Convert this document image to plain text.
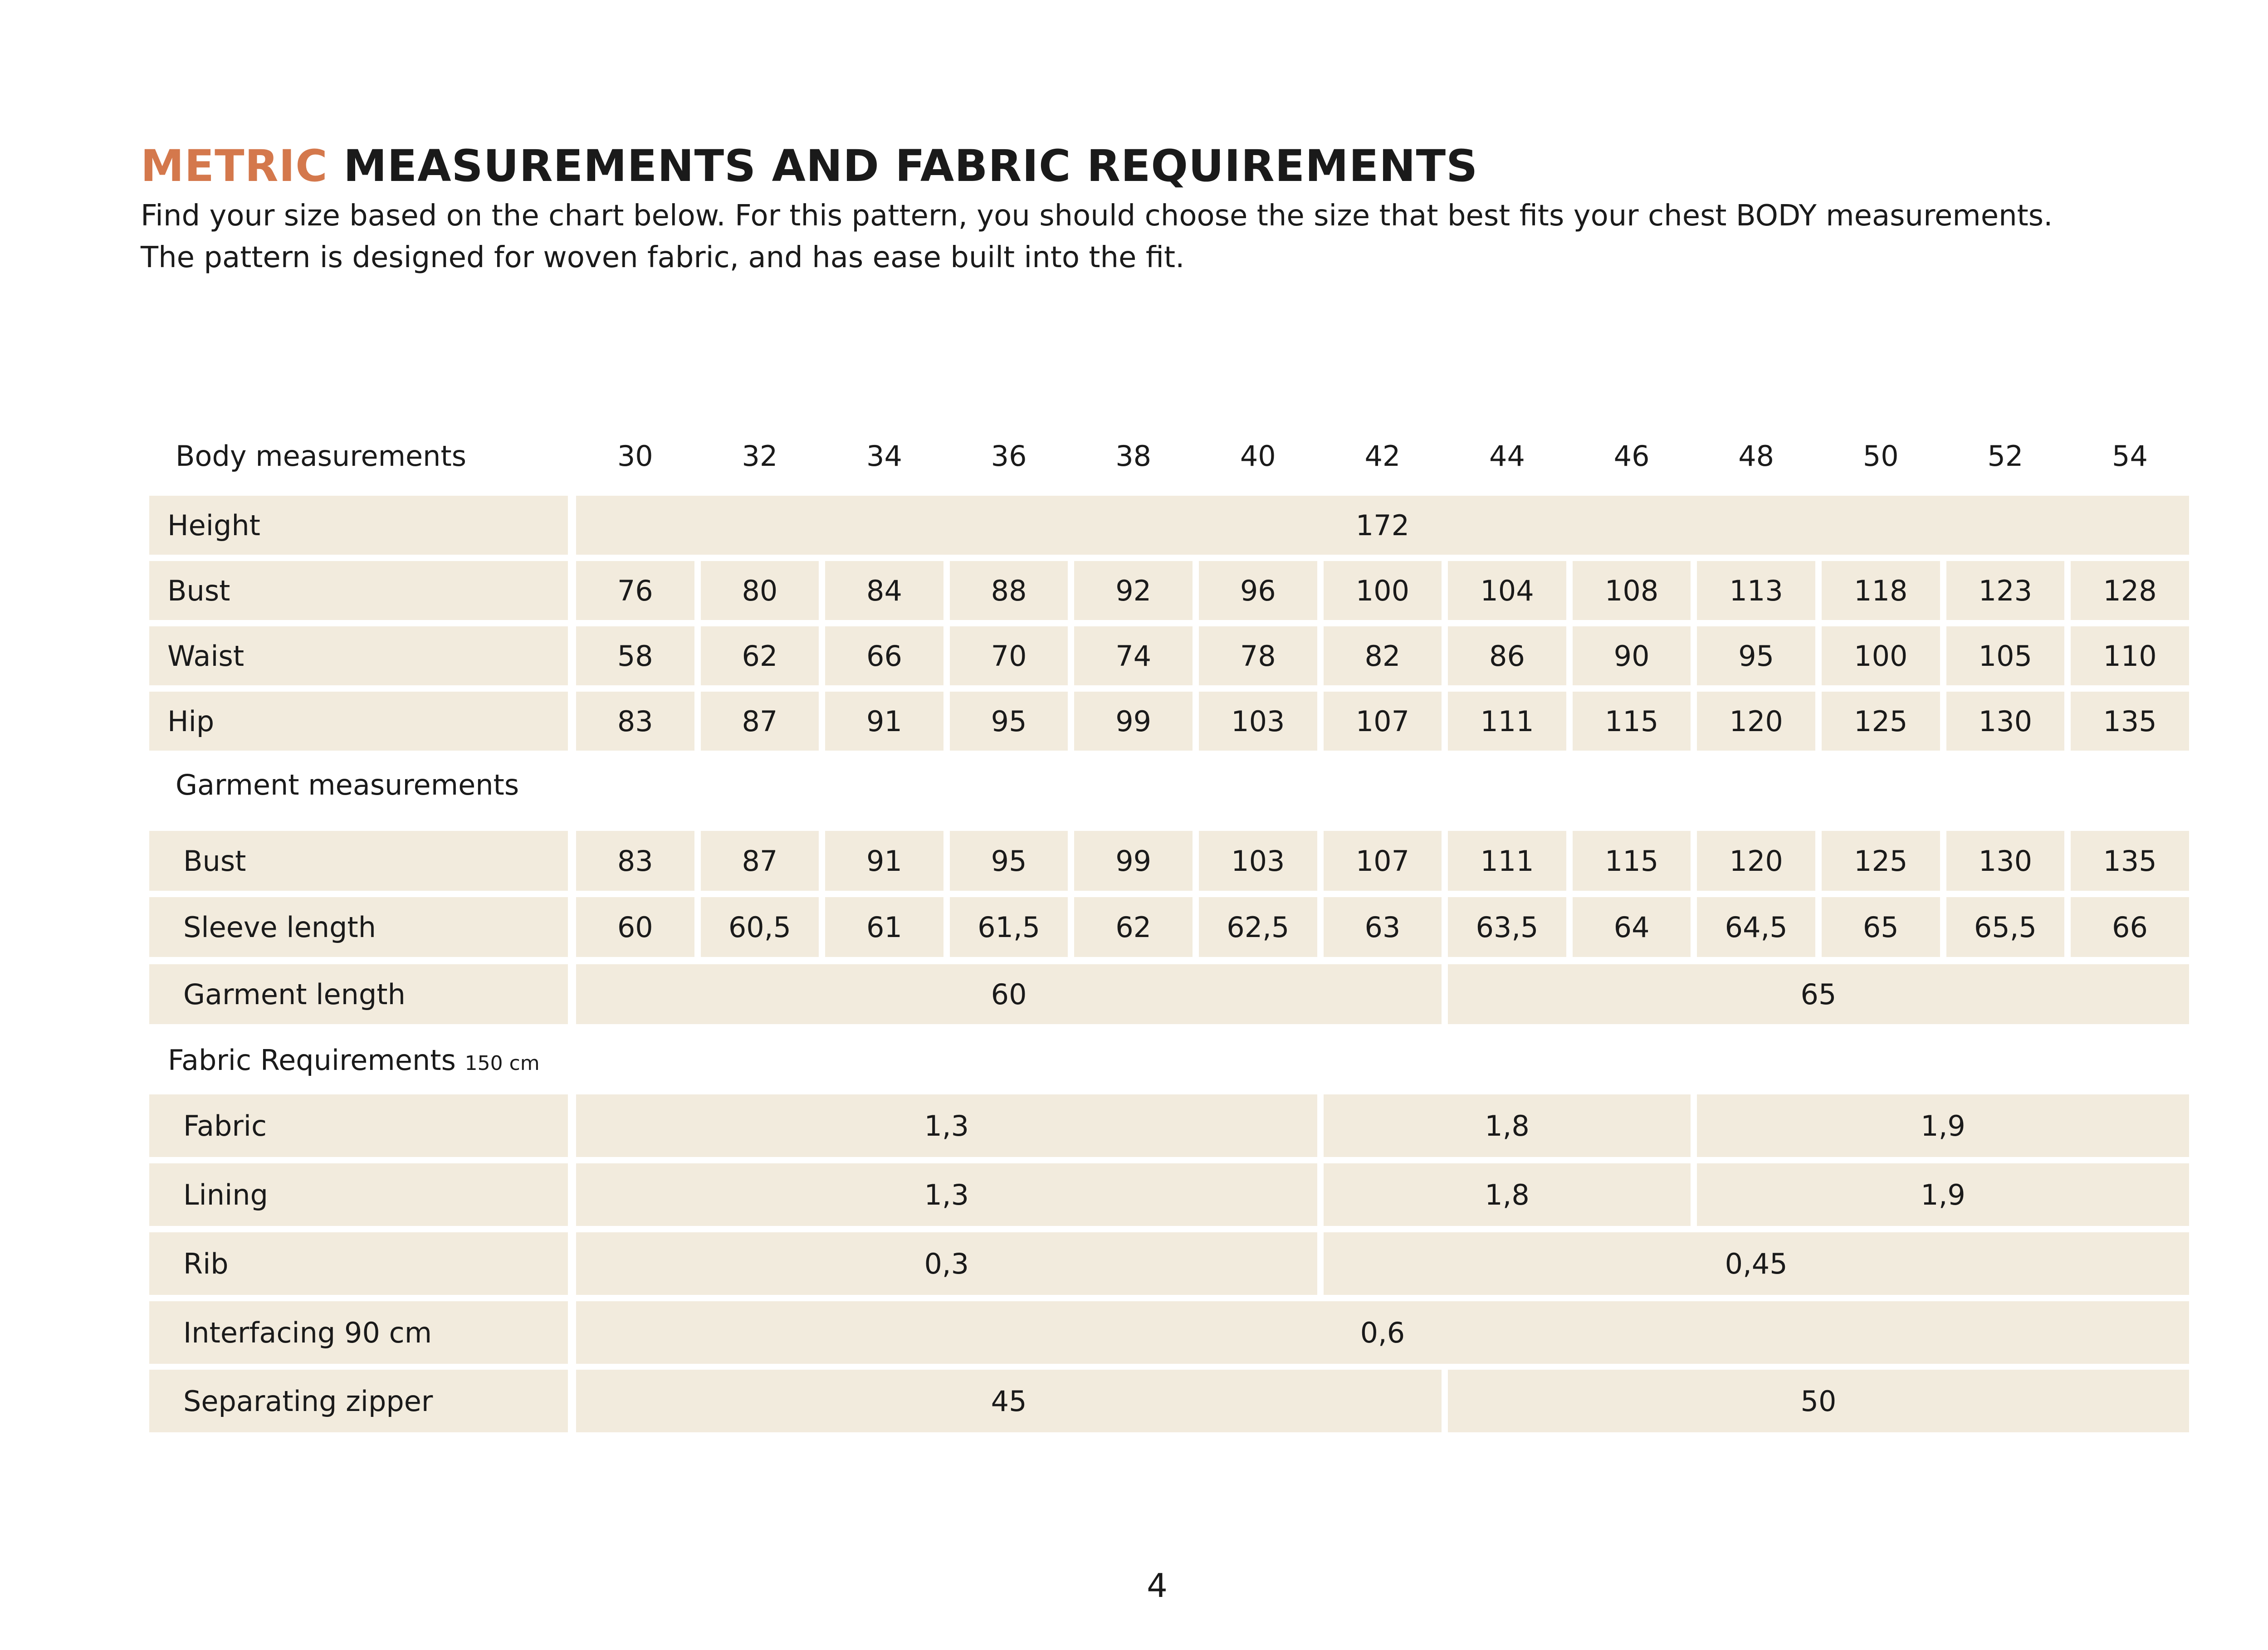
METRIC MEASUREMENTS AND FABRIC REQUIREMENTS
Find your size based on the chart below. For this pattern, you should choose the size that best fits your chest BODY measurements.
The pattern is designed for woven fabric, and has ease built into the fit.
Body measurements	30	32	34	36	38	40	42	44	46	48	50	52	54
Height	172
Bust	76	80	84	88	92	96	100	104	108	113	118	123	128
Waist	58	62	66	70	74	78	82	86	90	95	100	105	110
Hip	83	87	91	95	99	103	107	111	115	120	125	130	135
Garment measurements
Bust	83	87	91	95	99	103	107	111	115	120	125	130	135
Sleeve length	60	60,5	61	61,5	62	62,5	63	63,5	64	64,5	65	65,5	66
Garment length	60	65
Fabric Requirements 150 cm
Fabric	1,3	1,8	1,9
Lining	1,3	1,8	1,9
Rib	0,3	0,45
Interfacing 90 cm	0,6
Separating zipper	45	50
4
